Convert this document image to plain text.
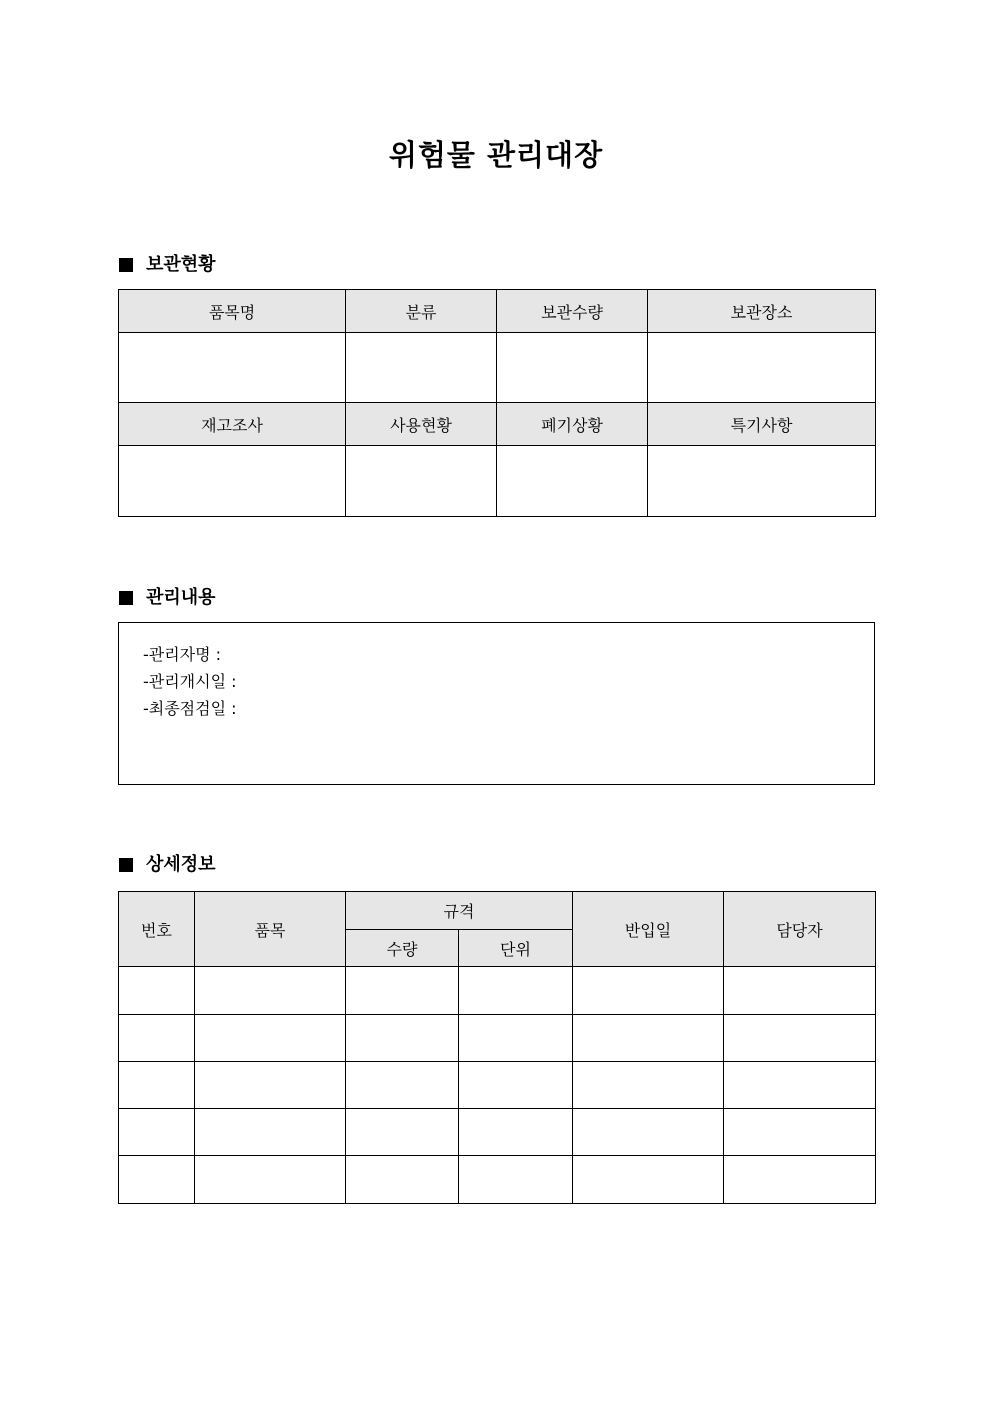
위험물 관리대장
보관현황
품목명	분류	보관수량	보관장소

재고조사	사용현황	폐기상황	특기사항

관리내용
-관리자명 :
-관리개시일 :
-최종점검일 :
상세정보
번호	품목	규격		반입일	담당자
		수량	단위		
